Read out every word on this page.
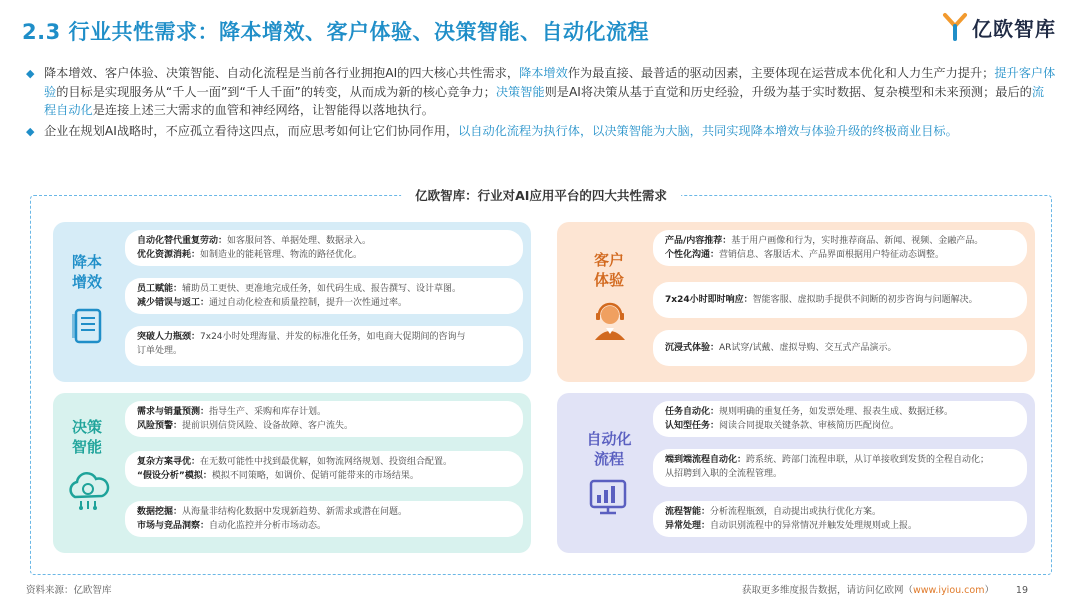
2.3 行业共性需求：降本增效、客户体验、决策智能、自动化流程	亿欧智库
◆ 降本增效、客户体验、决策智能、自动化流程是当前各行业拥抱AI的四大核心共性需求，降本增效作为最直接、最普适的驱动因素，主要体现在运营成本优化和人力生产力提升；提升客户体验的目标是实现服务从“千人一面”到“千人千面”的转变，从而成为新的核心竞争力；决策智能则是AI将决策从基于直觉和历史经验，升级为基于实时数据、复杂模型和未来预测；最后的流程自动化是连接上述三大需求的血管和神经网络，让智能得以落地执行。
◆ 企业在规划AI战略时，不应孤立看待这四点，而应思考如何让它们协同作用，以自动化流程为执行体，以决策智能为大脑，共同实现降本增效与体验升级的终极商业目标。
亿欧智库：行业对AI应用平台的四大共性需求
降本
增效
自动化替代重复劳动：如客服问答、单据处理、数据录入。
优化资源消耗：如制造业的能耗管理、物流的路径优化。
员工赋能：辅助员工更快、更准地完成任务，如代码生成、报告撰写、设计草图。
减少错误与返工：通过自动化检查和质量控制，提升一次性通过率。
突破人力瓶颈：7x24小时处理海量、并发的标准化任务，如电商大促期间的咨询与订单处理。
客户
体验
产品/内容推荐：基于用户画像和行为，实时推荐商品、新闻、视频、金融产品。
个性化沟通：营销信息、客服话术、产品界面根据用户特征动态调整。
7x24小时即时响应：智能客服、虚拟助手提供不间断的初步咨询与问题解决。
沉浸式体验：AR试穿/试戴、虚拟导购、交互式产品演示。
决策
智能
需求与销量预测：指导生产、采购和库存计划。
风险预警：提前识别信贷风险、设备故障、客户流失。
复杂方案寻优：在无数可能性中找到最优解，如物流网络规划、投资组合配置。
“假设分析”模拟：模拟不同策略，如调价、促销可能带来的市场结果。
数据挖掘：从海量非结构化数据中发现新趋势、新需求或潜在问题。
市场与竞品洞察：自动化监控并分析市场动态。
自动化
流程
任务自动化：规则明确的重复任务，如发票处理、报表生成、数据迁移。
认知型任务：阅读合同提取关键条款、审核简历匹配岗位。
端到端流程自动化：跨系统、跨部门流程串联，从订单接收到发货的全程自动化；
从招聘到入职的全流程管理。
流程智能：分析流程瓶颈，自动提出或执行优化方案。
异常处理：自动识别流程中的异常情况并触发处理规则或上报。
资料来源：亿欧智库	获取更多维度报告数据，请访问亿欧网（www.iyiou.com） 19
